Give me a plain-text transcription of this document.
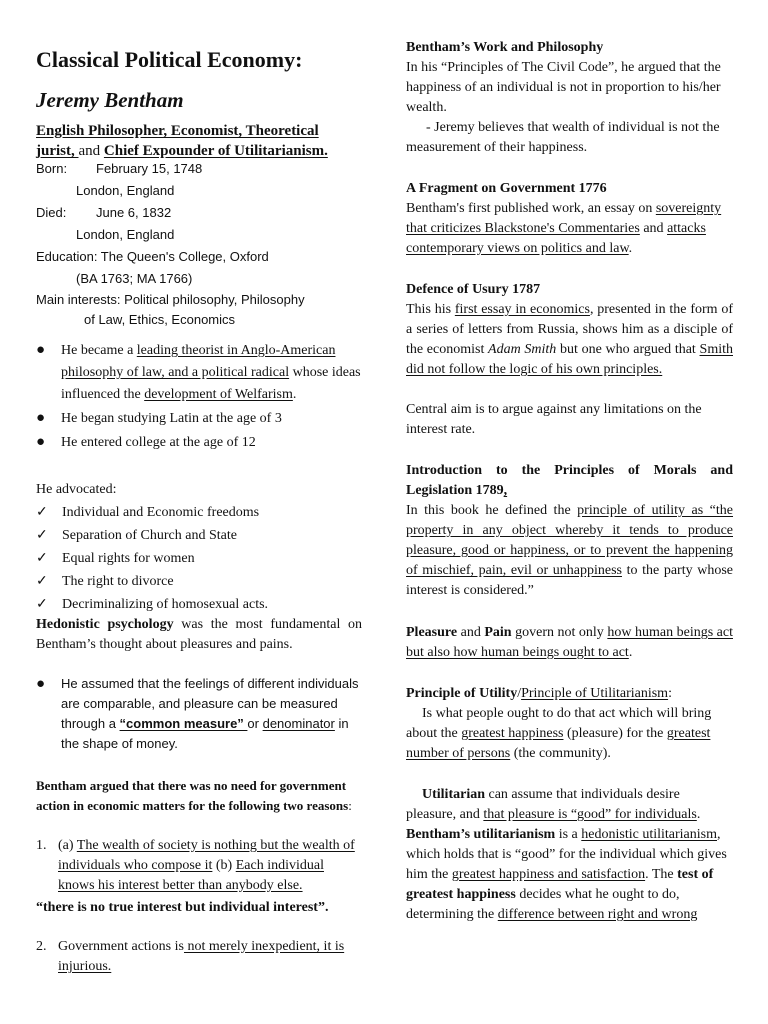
Classical Political Economy:
Jeremy Bentham
English Philosopher, Economist, Theoretical
jurist, and Chief Expounder of Utilitarianism.
Born:	February 15, 1748
London, England
Died:	June 6, 1832
London, England
Education: The Queen's College, Oxford
(BA 1763; MA 1766)
Main interests: Political philosophy, Philosophy
of Law, Ethics, Economics
●	He became a leading theorist in Anglo-American philosophy of law, and a political radical whose ideas influenced the development of Welfarism.
●	He began studying Latin at the age of 3
●	He entered college at the age of 12
He advocated:
✓	Individual and Economic freedoms
✓	Separation of Church and State
✓	Equal rights for women
✓	The right to divorce
✓	Decriminalizing of homosexual acts.

Hedonistic psychology was the most fundamental on Bentham’s thought about pleasures and pains.

●	He assumed that the feelings of different individuals are comparable, and pleasure can be measured through a “common measure” or denominator in the shape of money.

Bentham argued that there was no need for government action in economic matters for the following two reasons:

1. (a) The wealth of society is nothing but the wealth of individuals who compose it (b) Each individual knows his interest better than anybody else.
“there is no true interest but individual interest”.
2. Government actions is not merely inexpedient, it is injurious.
Bentham’s Work and Philosophy

In his “Principles of The Civil Code”, he argued that the happiness of an individual is not in proportion to his/her wealth.

- Jeremy believes that wealth of individual is not the measurement of their happiness.

A Fragment on Government 1776

Bentham's first published work, an essay on sovereignty that criticizes Blackstone's Commentaries and attacks contemporary views on politics and law.

Defence of Usury 1787

This his first essay in economics, presented in the form of a series of letters from Russia, shows him as a disciple of the economist Adam Smith but one who argued that Smith did not follow the logic of his own principles.

Central aim is to argue against any limitations on the interest rate.

Introduction to the Principles of Morals and Legislation 1789,

In this book he defined the principle of utility as “the property in any object whereby it tends to produce pleasure, good or happiness, or to prevent the happening of mischief, pain, evil or unhappiness to the party whose interest is considered.”

Pleasure and Pain govern not only how human beings act but also how human beings ought to act.

Principle of Utility/Principle of Utilitarianism:

Is what people ought to do that act which will bring about the greatest happiness (pleasure) for the greatest number of persons (the community).

Utilitarian can assume that individuals desire pleasure, and that pleasure is “good” for individuals. Bentham’s utilitarianism is a hedonistic utilitarianism, which holds that is “good” for the individual which gives him the greatest happiness and satisfaction. The test of greatest happiness decides what he ought to do, determining the difference between right and wrong
